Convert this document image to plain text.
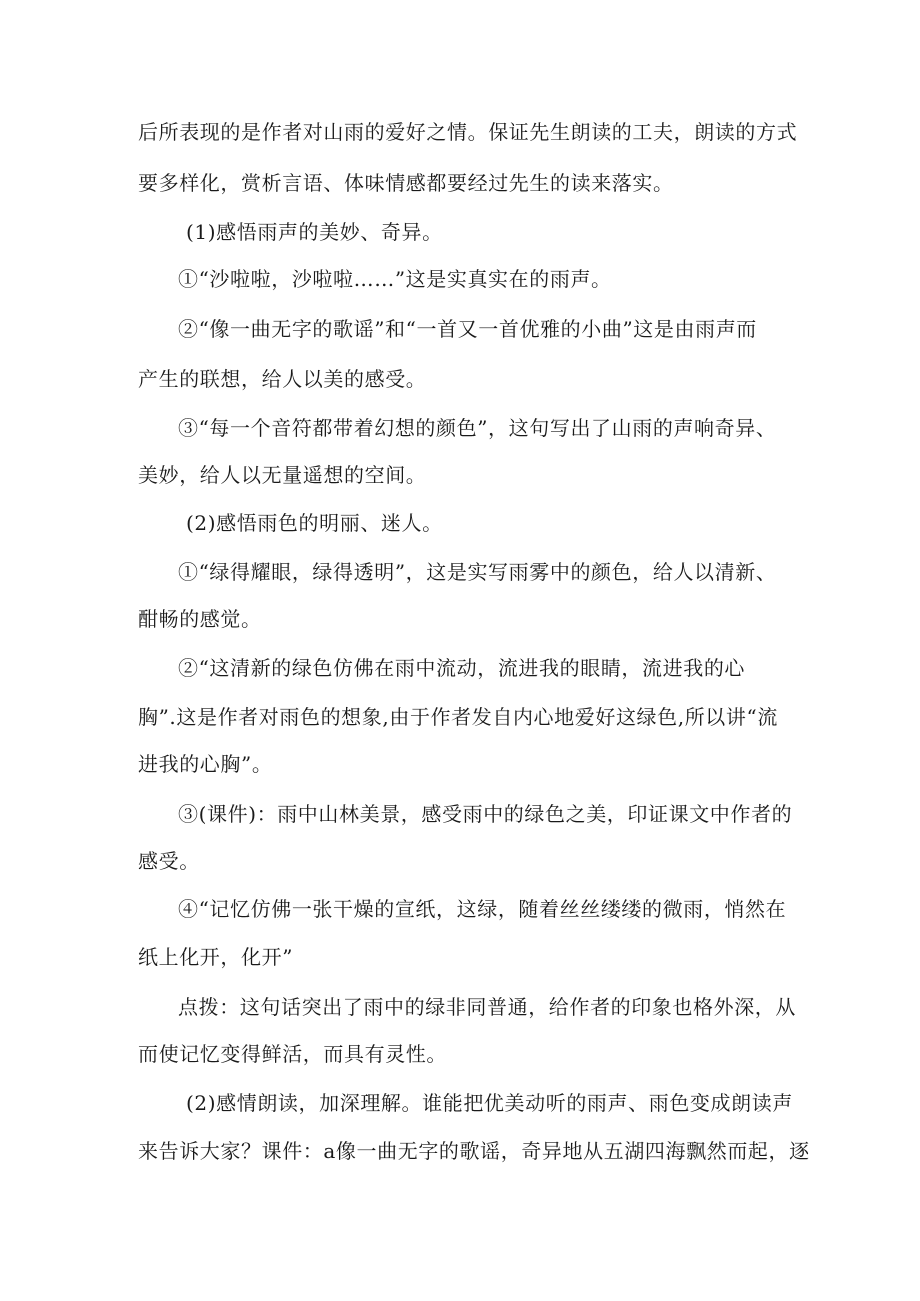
后所表现的是作者对山雨的爱好之情。保证先生朗读的工夫，朗读的方式

要多样化，赏析言语、体味情感都要经过先生的读来落实。

(1)感悟雨声的美妙、奇异。

①“沙啦啦，沙啦啦……”这是实真实在的雨声。

②“像一曲无字的歌谣”和“一首又一首优雅的小曲”这是由雨声而

产生的联想，给人以美的感受。

③“每一个音符都带着幻想的颜色”，这句写出了山雨的声响奇异、

美妙，给人以无量遥想的空间。

(2)感悟雨色的明丽、迷人。

①“绿得耀眼，绿得透明”，这是实写雨雾中的颜色，给人以清新、

酣畅的感觉。

②“这清新的绿色仿佛在雨中流动，流进我的眼睛，流进我的心

胸”.这是作者对雨色的想象,由于作者发自内心地爱好这绿色,所以讲“流

进我的心胸”。

③(课件)：雨中山林美景，感受雨中的绿色之美，印证课文中作者的

感受。

④“记忆仿佛一张干燥的宣纸，这绿，随着丝丝缕缕的微雨，悄然在

纸上化开，化开”

点拨：这句话突出了雨中的绿非同普通，给作者的印象也格外深，从

而使记忆变得鲜活，而具有灵性。

(2)感情朗读，加深理解。谁能把优美动听的雨声、雨色变成朗读声

来告诉大家？课件：a像一曲无字的歌谣，奇异地从五湖四海飘然而起，逐
